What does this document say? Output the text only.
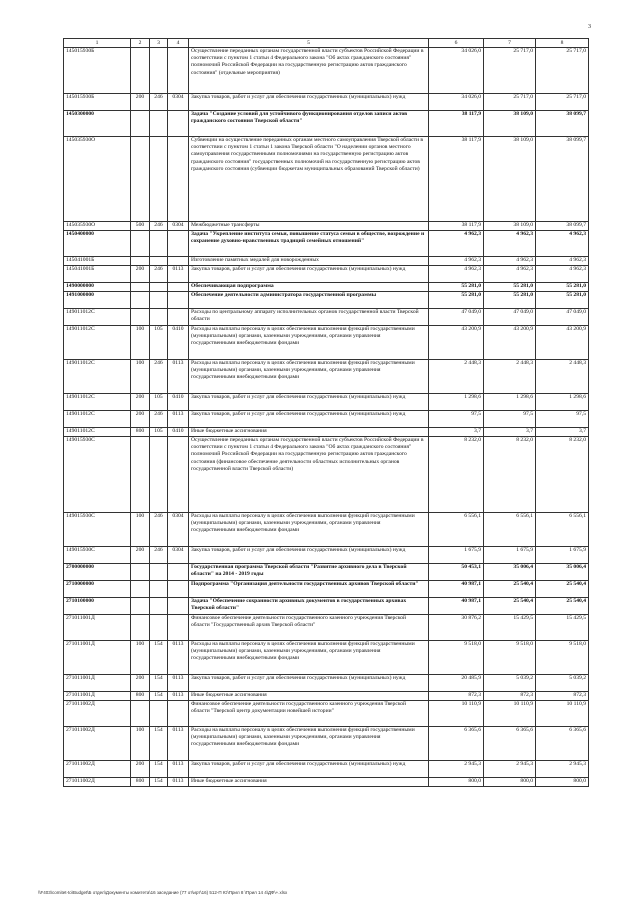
3
1	2	3	4	5	6	7	8
145015930Б				Осуществление переданных органам государственной власти субъектов Российской Федерации в соответствии с пунктом 1 статьи 4 Федерального закона "Об актах гражданского состояния" полномочий Российской Федерации на государственную регистрацию актов гражданского состояния" (отдельные мероприятия)	34 026,0	25 717,0	25 717,0
145015930Б	200	246	0304	Закупка товаров, работ и услуг для обеспечения государственных (муниципальных) нужд	34 026,0	25 717,0	25 717,0
1450300000				Задача "Создание условий для устойчивого функционирования отделов записи актов гражданского состояния Тверской области"	38 117,9	38 109,0	38 099,7
145035930О				Субвенции на осуществление переданных органам местного самоуправления Тверской области в соответствии с пунктом 1 статьи 1 закона Тверской области "О наделении органов местного самоуправления государственными полномочиями на государственную регистрацию актов гражданского состояния" государственных полномочий на государственную регистрацию актов гражданского состояния (субвенции бюджетам муниципальных образований Тверской области)	38 117,9	38 109,0	38 099,7
145035930О	500	246	0304	Межбюджетные трансферты	38 117,9	38 109,0	38 099,7
1450400000				Задача "Укрепление института семьи, повышение статуса семьи в обществе, возрождение и сохранение духовно-нравственных традиций семейных отношений"	4 962,3	4 962,3	4 962,3
145041001Б				Изготовление памятных медалей для новорожденных	4 962,3	4 962,3	4 962,3
145041001Б	200	246	0113	Закупка товаров, работ и услуг для обеспечения государственных (муниципальных) нужд	4 962,3	4 962,3	4 962,3
1490000000				Обеспечивающая подпрограмма	55 281,0	55 281,0	55 281,0
1491000000				Обеспечение деятельности администратора государственной программы	55 281,0	55 281,0	55 281,0
149011012С				Расходы по центральному аппарату исполнительных органов государственной власти Тверской области	47 049,0	47 049,0	47 049,0
149011012С	100	105	0410	Расходы на выплаты персоналу в целях обеспечения выполнения функций государственными (муниципальными) органами, казенными учреждениями, органами управления государственными внебюджетными фондами	43 200,9	43 200,9	43 200,9
149011012С	100	246	0113	Расходы на выплаты персоналу в целях обеспечения выполнения функций государственными (муниципальными) органами, казенными учреждениями, органами управления государственными внебюджетными фондами	2 448,3	2 448,3	2 448,3
149011012С	200	105	0410	Закупка товаров, работ и услуг для обеспечения государственных (муниципальных) нужд	1 298,6	1 298,6	1 298,6
149011012С	200	246	0113	Закупка товаров, работ и услуг для обеспечения государственных (муниципальных) нужд	97,5	97,5	97,5
149011012С	800	105	0410	Иные бюджетные ассигнования	3,7	3,7	3,7
149015930С				Осуществление переданных органам государственной власти субъектов Российской Федерации в соответствии с пунктом 1 статьи 4 Федерального закона "Об актах гражданского состояния" полномочий Российской Федерации на государственную регистрацию актов гражданского состояния (финансовое обеспечение деятельности областных исполнительных органов государственной власти Тверской области)	8 232,0	8 232,0	8 232,0
149015930С	100	246	0304	Расходы на выплаты персоналу в целях обеспечения выполнения функций государственными (муниципальными) органами, казенными учреждениями, органами управления государственными внебюджетными фондами	6 556,1	6 556,1	6 556,1
149015930С	200	246	0304	Закупка товаров, работ и услуг для обеспечения государственных (муниципальных) нужд	1 675,9	1 675,9	1 675,9
2700000000				Государственная программа Тверской области "Развитие архивного дела в Тверской области" на 2014 - 2019 годы	50 453,1	35 006,4	35 006,4
2710000000				Подпрограмма "Организация деятельности государственных архивов Тверской области"	40 987,1	25 540,4	25 540,4
2710100000				Задача "Обеспечение сохранности архивных документов в государственных архивах Тверской области"	40 987,1	25 540,4	25 540,4
271011001Д				Финансовое обеспечение деятельности государственного казенного учреждения Тверской области "Государственный архив Тверской области"	30 876,2	15 429,5	15 429,5
271011001Д	100	154	0113	Расходы на выплаты персоналу в целях обеспечения выполнения функций государственными (муниципальными) органами, казенными учреждениями, органами управления государственными внебюджетными фондами	9 518,0	9 518,0	9 518,0
271011001Д	200	154	0113	Закупка товаров, работ и услуг для обеспечения государственных (муниципальных) нужд	20 485,9	5 039,2	5 039,2
271011001Д	800	154	0113	Иные бюджетные ассигнования	872,3	872,3	872,3
271011002Д				Финансовое обеспечение деятельности государственного казенного учреждения Тверской области "Тверской центр документации новейшей истории"	10 110,9	10 110,9	10 110,9
271011002Д	100	154	0113	Расходы на выплаты персоналу в целях обеспечения выполнения функций государственными (муниципальными) органами, казенными учреждениями, органами управления государственными внебюджетными фондами	6 365,6	6 365,6	6 365,6
271011002Д	200	154	0113	Закупка товаров, работ и услуг для обеспечения государственных (муниципальных) нужд	2 945,3	2 945,3	2 945,3
271011002Д	800	154	0113	Иные бюджетные ассигнования	800,0	800,0	800,0
\\F403\comitet-to\Budget\Б отдел\Документы комитета\16 заседание (77 от\ирт\16) 512-П Ю\Прил 8 \Прил 14 4\ДФ\+.xlsx
